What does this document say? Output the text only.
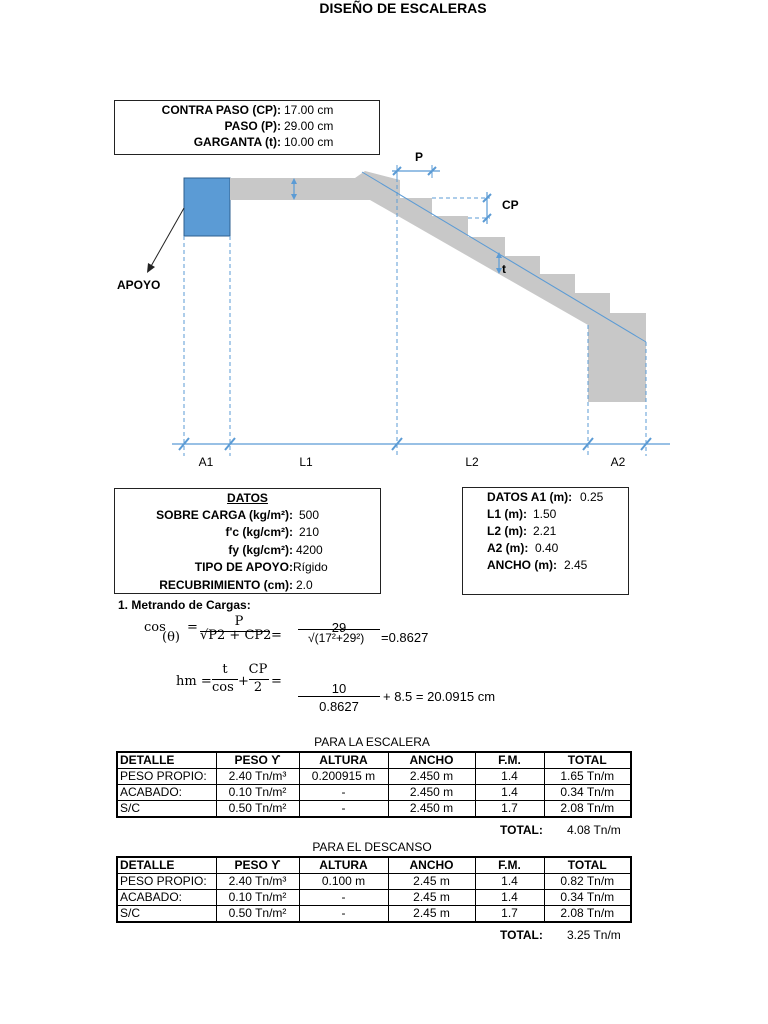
DISEÑO DE ESCALERAS
CONTRA PASO (CP): 17.00 cm
PASO (P): 29.00 cm
GARGANTA (t): 10.00 cm
t
P
CP
A1	L1	L2	A2
APOYO
DATOS
SOBRE CARGA (kg/m²): 500
f'c (kg/cm²): 210
fy (kg/cm²): 4200
TIPO DE APOYO: Rígido
RECUBRIMIENTO (cm): 2.0
DATOS A1 (m): 0.25
L1 (m): 1.50
L2 (m): 2.21
A2 (m): 0.40
ANCHO (m): 2.45
1. Metrando de Cargas:
cos
(θ)
=	P
√P2 + CP2 =
29
√(17²+29²) =0.8627
hm =
t
cos +
CP
2 =	10
0.8627
+ 8.5 = 20.0915 cm
PARA LA ESCALERA
DETALLE	PESO ϒ	ALTURA	ANCHO	F.M.	TOTAL
PESO PROPIO:	2.40 Tn/m³	0.200915 m	2.450 m	1.4	1.65 Tn/m
ACABADO:	0.10 Tn/m²	-	2.450 m	1.4	0.34 Tn/m
S/C	0.50 Tn/m²	-	2.450 m	1.7	2.08 Tn/m
TOTAL: 4.08 Tn/m
PARA EL DESCANSO
DETALLE	PESO ϒ	ALTURA	ANCHO	F.M.	TOTAL
PESO PROPIO:	2.40 Tn/m³	0.100 m	2.45 m	1.4	0.82 Tn/m
ACABADO:	0.10 Tn/m²	-	2.45 m	1.4	0.34 Tn/m
S/C	0.50 Tn/m²	-	2.45 m	1.7	2.08 Tn/m
TOTAL: 3.25 Tn/m
